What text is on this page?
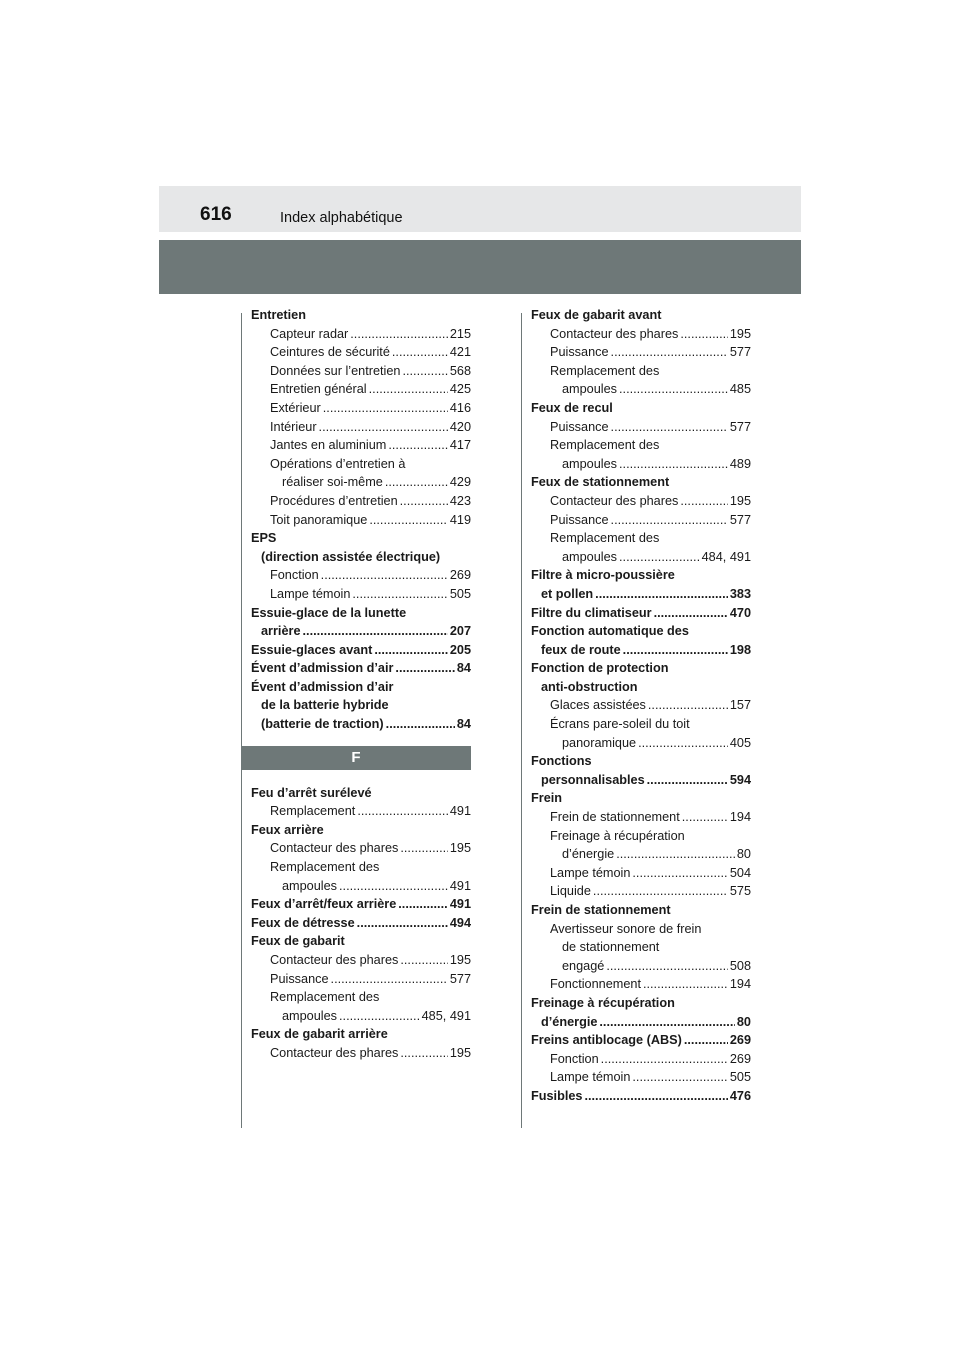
616	Index alphabétique
Entretien
Capteur radar .....	215
Ceintures de sécurité .....	421
Données sur l’entretien .....	568
Entretien général .....	425
Extérieur .....	416
Intérieur .....	420
Jantes en aluminium .....	417
Opérations d’entretien à
réaliser soi-même .....	429
Procédures d’entretien .....	423
Toit panoramique .....	419
EPS
(direction assistée électrique)
Fonction .....	269
Lampe témoin .....	505
Essuie-glace de la lunette
arrière .....	207
Essuie-glaces avant .....	205
Évent d’admission d’air .....	84
Évent d’admission d’air
de la batterie hybride
(batterie de traction) .....	84
F
Feu d’arrêt surélevé
Remplacement .....	491
Feux arrière
Contacteur des phares .....	195
Remplacement des
ampoules .....	491
Feux d’arrêt/feux arrière .....	491
Feux de détresse .....	494
Feux de gabarit
Contacteur des phares .....	195
Puissance .....	577
Remplacement des
ampoules .....	485, 491
Feux de gabarit arrière
Contacteur des phares .....	195
Feux de gabarit avant
Contacteur des phares .....	195
Puissance .....	577
Remplacement des
ampoules .....	485
Feux de recul
Puissance .....	577
Remplacement des
ampoules .....	489
Feux de stationnement
Contacteur des phares .....	195
Puissance .....	577
Remplacement des
ampoules .....	484, 491
Filtre à micro-poussière
et pollen .....	383
Filtre du climatiseur .....	470
Fonction automatique des
feux de route .....	198
Fonction de protection
anti-obstruction
Glaces assistées .....	157
Écrans pare-soleil du toit
panoramique .....	405
Fonctions
personnalisables .....	594
Frein
Frein de stationnement .....	194
Freinage à récupération
d’énergie .....	80
Lampe témoin .....	504
Liquide .....	575
Frein de stationnement
Avertisseur sonore de frein
de stationnement
engagé .....	508
Fonctionnement .....	194
Freinage à récupération
d’énergie .....	80
Freins antiblocage (ABS) .....	269
Fonction .....	269
Lampe témoin .....	505
Fusibles .....	476
